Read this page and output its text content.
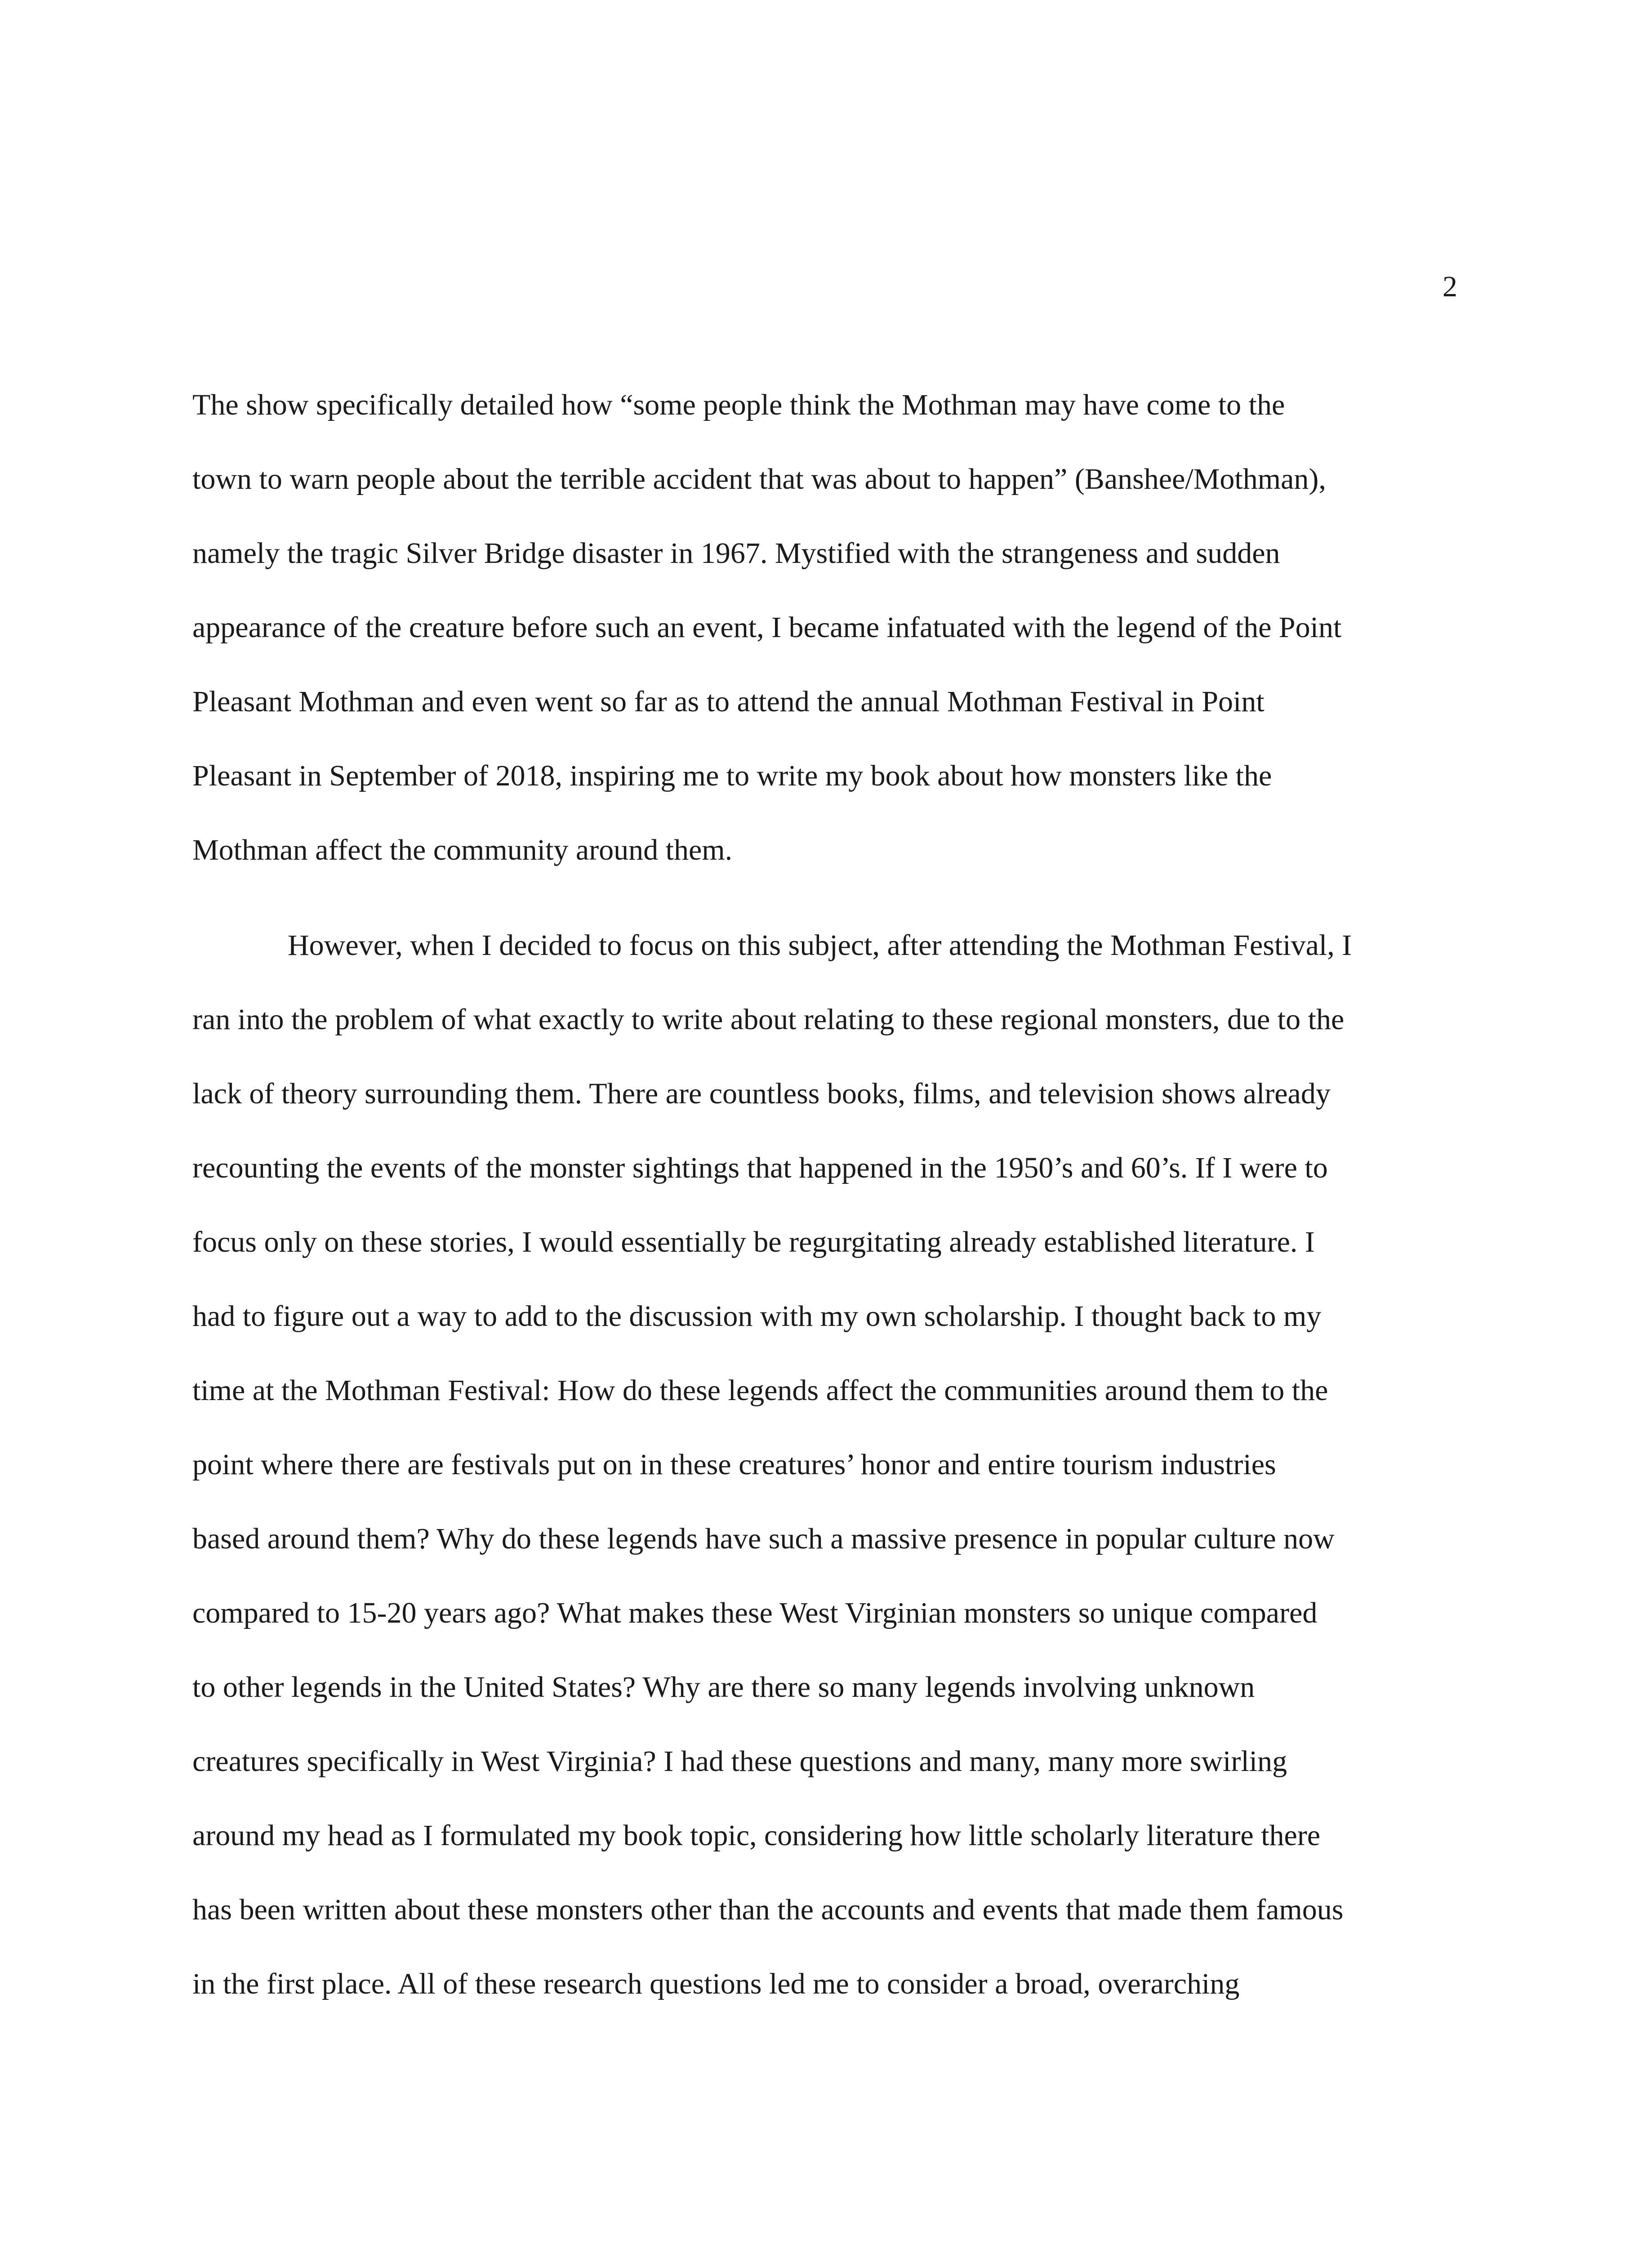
2
The show specifically detailed how “some people think the Mothman may have come to the
town to warn people about the terrible accident that was about to happen” (Banshee/Mothman),
namely the tragic Silver Bridge disaster in 1967. Mystified with the strangeness and sudden
appearance of the creature before such an event, I became infatuated with the legend of the Point
Pleasant Mothman and even went so far as to attend the annual Mothman Festival in Point
Pleasant in September of 2018, inspiring me to write my book about how monsters like the
Mothman affect the community around them.
However, when I decided to focus on this subject, after attending the Mothman Festival, I
ran into the problem of what exactly to write about relating to these regional monsters, due to the
lack of theory surrounding them. There are countless books, films, and television shows already
recounting the events of the monster sightings that happened in the 1950’s and 60’s. If I were to
focus only on these stories, I would essentially be regurgitating already established literature. I
had to figure out a way to add to the discussion with my own scholarship. I thought back to my
time at the Mothman Festival: How do these legends affect the communities around them to the
point where there are festivals put on in these creatures’ honor and entire tourism industries
based around them? Why do these legends have such a massive presence in popular culture now
compared to 15-20 years ago? What makes these West Virginian monsters so unique compared
to other legends in the United States? Why are there so many legends involving unknown
creatures specifically in West Virginia? I had these questions and many, many more swirling
around my head as I formulated my book topic, considering how little scholarly literature there
has been written about these monsters other than the accounts and events that made them famous
in the first place. All of these research questions led me to consider a broad, overarching
